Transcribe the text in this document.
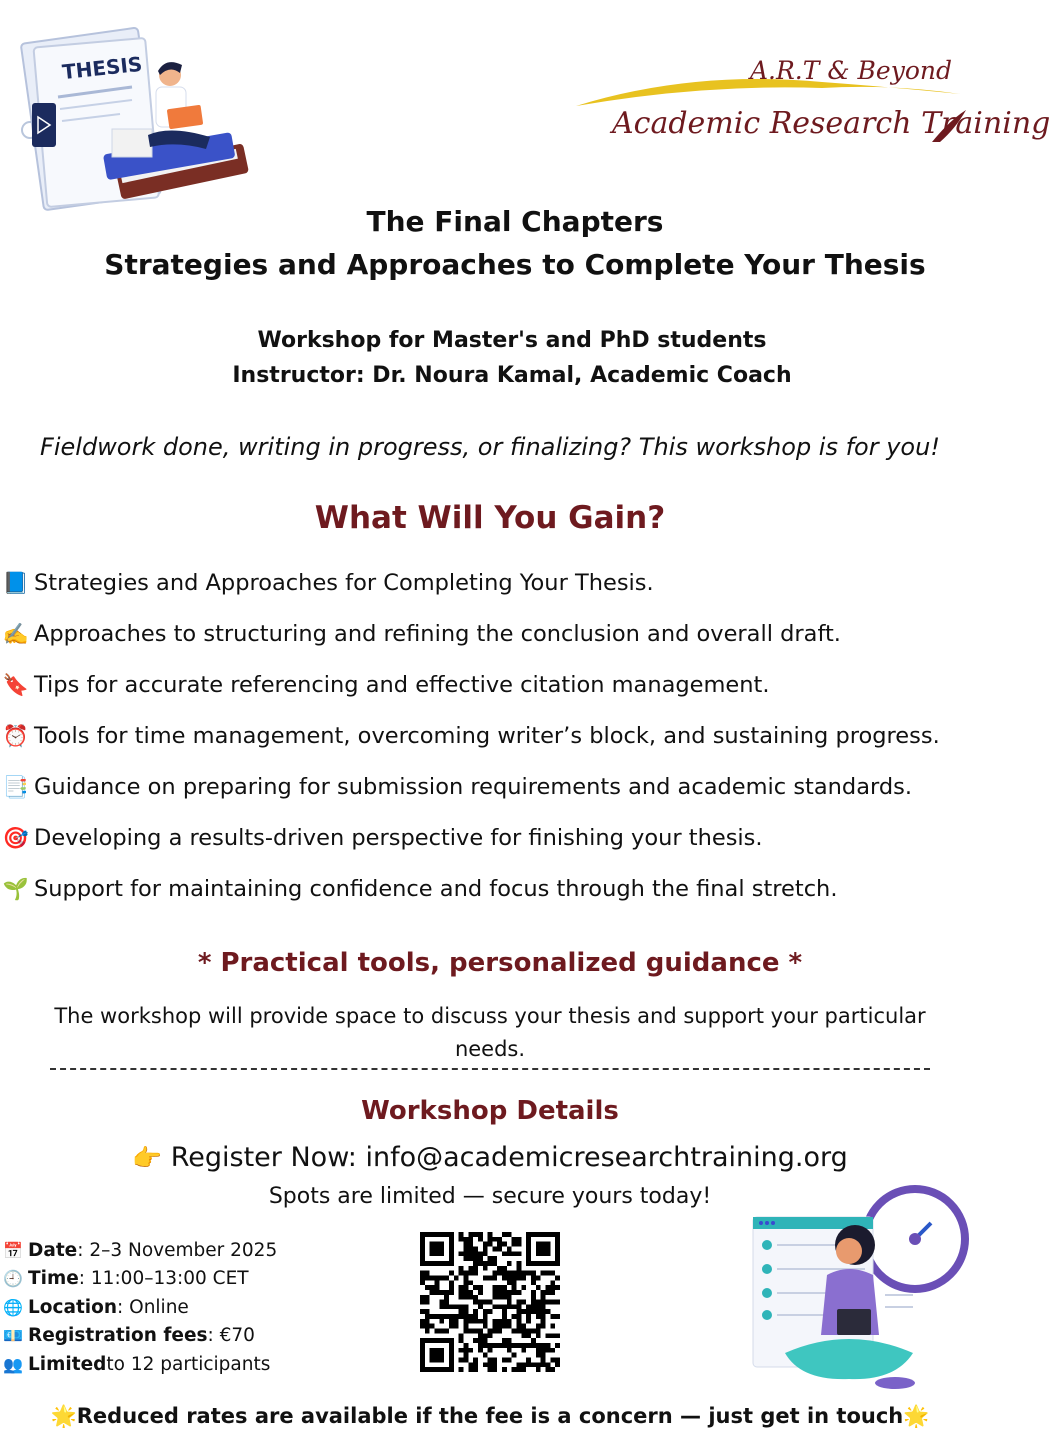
THESIS	A.R.T & Beyond
Academic Research Training
The Final Chapters
Strategies and Approaches to Complete Your Thesis
Workshop for Master's and PhD students
Instructor: Dr. Noura Kamal, Academic Coach
Fieldwork done, writing in progress, or finalizing? This workshop is for you!
What Will You Gain?
📘 Strategies and Approaches for Completing Your Thesis.
✍️ Approaches to structuring and refining the conclusion and overall draft.
🔖 Tips for accurate referencing and effective citation management.
⏰ Tools for time management, overcoming writer’s block, and sustaining progress.
📑 Guidance on preparing for submission requirements and academic standards.
🎯 Developing a results-driven perspective for finishing your thesis.
🌱 Support for maintaining confidence and focus through the final stretch.
* Practical tools, personalized guidance *
The workshop will provide space to discuss your thesis and support your particular needs.
Workshop Details
👉 Register Now: info@academicresearchtraining.org
Spots are limited — secure yours today!
📅 Date : 2–3 November 2025
🕘 Time : 11:00–13:00 CET
🌐 Location : Online
💶 Registration fees : €70
👥 Limited to 12 participants
🌟Reduced rates are available if the fee is a concern — just get in touch🌟
